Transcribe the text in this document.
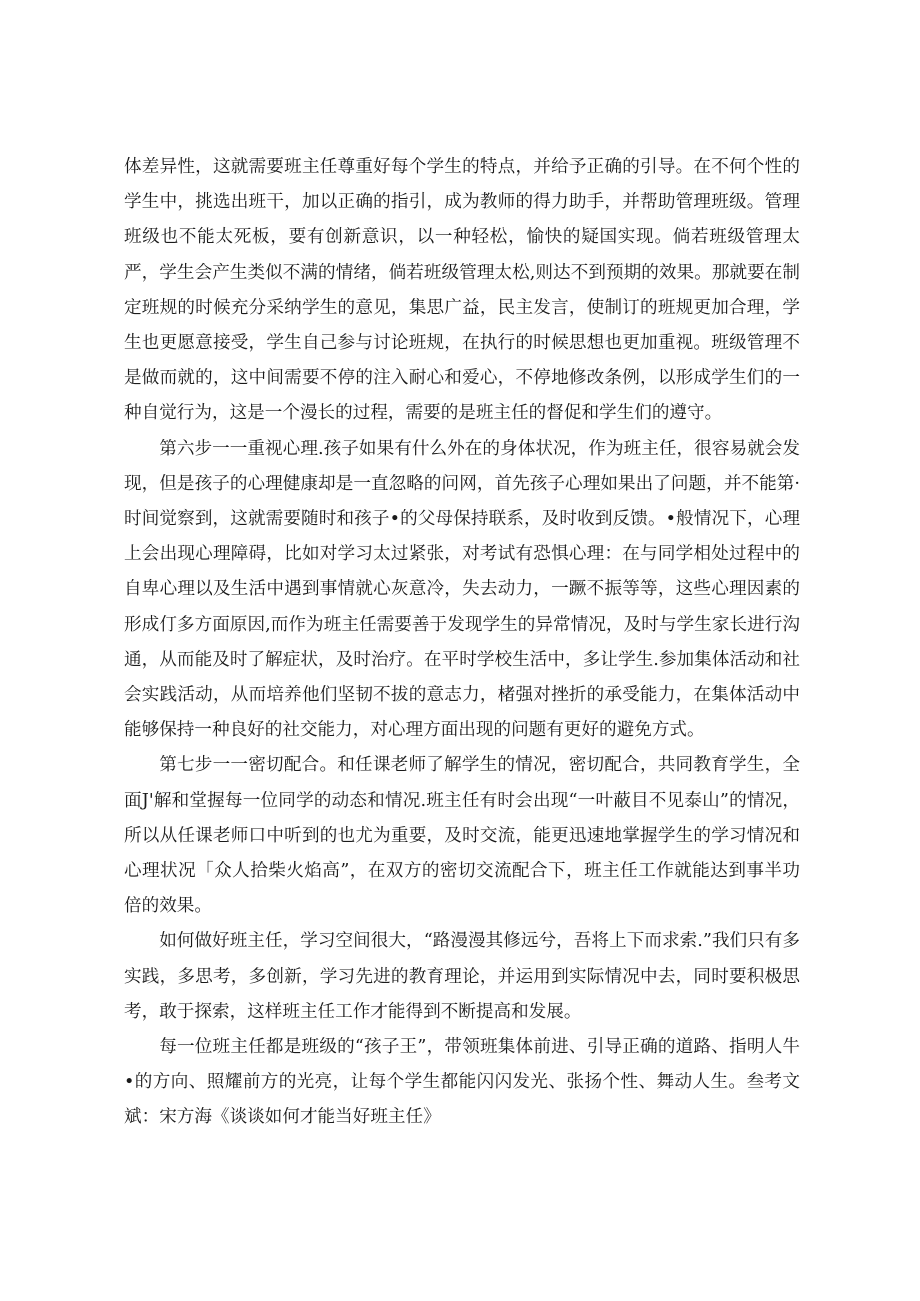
体差异性，这就需要班主任尊重好每个学生的特点，并给予正确的引导。在不何个性的学生中，挑选出班干，加以正确的指引，成为教师的得力助手，并帮助管理班级。管理班级也不能太死板，要有创新意识，以一种轻松，愉快的疑国实现。倘若班级管理太严，学生会产生类似不满的情绪，倘若班级管理太松,则达不到预期的效果。那就要在制定班规的时候充分采纳学生的意见，集思广益，民主发言，使制订的班规更加合理，学生也更愿意接受，学生自己参与讨论班规，在执行的时候思想也更加重视。班级管理不是做而就的，这中间需要不停的注入耐心和爱心，不停地修改条例，以形成学生们的一种自觉行为，这是一个漫长的过程，需要的是班主任的督促和学生们的遵守。

第六步一一重视心理.孩子如果有什么外在的身体状况，作为班主任，很容易就会发现，但是孩子的心理健康却是一直忽略的问网，首先孩子心理如果出了问题，并不能第·时间觉察到，这就需要随时和孩子•的父母保持联系，及时收到反馈。•般情况下，心理上会出现心理障碍，比如对学习太过紧张，对考试有恐惧心理：在与同学相处过程中的自卑心理以及生活中遇到事情就心灰意冷，失去动力，一蹶不振等等，这些心理因素的形成仃多方面原因,而作为班主任需要善于发现学生的异常情况，及时与学生家长进行沟通，从而能及时了解症状，及时治疗。在平时学校生活中，多让学生.参加集体活动和社会实践活动，从而培养他们坚韧不拔的意志力，楮强对挫折的承受能力，在集体活动中能够保持一种良好的社交能力，对心理方面出现的问题有更好的避免方式。

第七步一一密切配合。和任课老师了解学生的情况，密切配合，共同教育学生，全面J'解和堂握每一位同学的动态和情况.班主任有时会出现“一叶蔽目不见泰山”的情况，所以从任课老师口中听到的也尤为重要，及时交流，能更迅速地掌握学生的学习情况和心理状况「众人拾柴火焰高”，在双方的密切交流配合下，班主任工作就能达到事半功倍的效果。

如何做好班主任，学习空间很大，“路漫漫其修远兮，吾将上下而求索.”我们只有多实践，多思考，多创新，学习先进的教育理论，并运用到实际情况中去，同时要积极思考，敢于探索，这样班主任工作才能得到不断提高和发展。

每一位班主任都是班级的“孩子王”，带领班集体前进、引导正确的道路、指明人牛•的方向、照耀前方的光亮，让每个学生都能闪闪发光、张扬个性、舞动人生。叁考文斌：宋方海《谈谈如何才能当好班主任》
